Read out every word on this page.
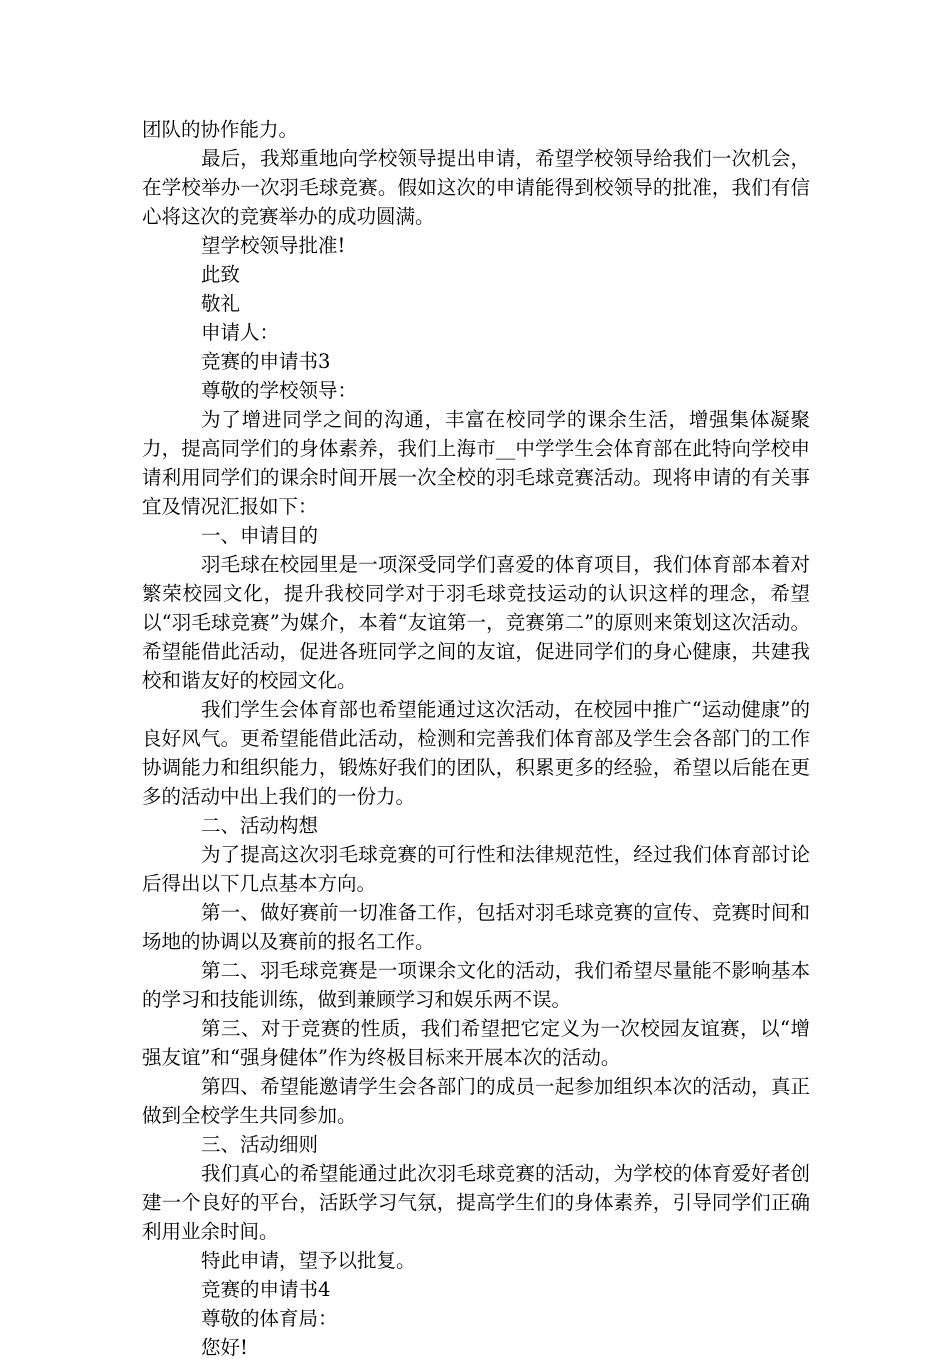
团队的协作能力。

最后，我郑重地向学校领导提出申请，希望学校领导给我们一次机会，在学校举办一次羽毛球竞赛。假如这次的申请能得到校领导的批准，我们有信心将这次的竞赛举办的成功圆满。

望学校领导批准!

此致

敬礼

申请人：

竞赛的申请书3

尊敬的学校领导：

为了增进同学之间的沟通，丰富在校同学的课余生活，增强集体凝聚力，提高同学们的身体素养，我们上海市__中学学生会体育部在此特向学校申请利用同学们的课余时间开展一次全校的羽毛球竞赛活动。现将申请的有关事宜及情况汇报如下：

一、申请目的

羽毛球在校园里是一项深受同学们喜爱的体育项目，我们体育部本着对繁荣校园文化，提升我校同学对于羽毛球竞技运动的认识这样的理念，希望以“羽毛球竞赛”为媒介，本着“友谊第一，竞赛第二”的原则来策划这次活动。希望能借此活动，促进各班同学之间的友谊，促进同学们的身心健康，共建我校和谐友好的校园文化。

我们学生会体育部也希望能通过这次活动，在校园中推广“运动健康”的良好风气。更希望能借此活动，检测和完善我们体育部及学生会各部门的工作协调能力和组织能力，锻炼好我们的团队，积累更多的经验，希望以后能在更多的活动中出上我们的一份力。

二、活动构想

为了提高这次羽毛球竞赛的可行性和法律规范性，经过我们体育部讨论后得出以下几点基本方向。

第一、做好赛前一切准备工作，包括对羽毛球竞赛的宣传、竞赛时间和场地的协调以及赛前的报名工作。

第二、羽毛球竞赛是一项课余文化的活动，我们希望尽量能不影响基本的学习和技能训练，做到兼顾学习和娱乐两不误。

第三、对于竞赛的性质，我们希望把它定义为一次校园友谊赛，以“增强友谊”和“强身健体”作为终极目标来开展本次的活动。

第四、希望能邀请学生会各部门的成员一起参加组织本次的活动，真正做到全校学生共同参加。

三、活动细则

我们真心的希望能通过此次羽毛球竞赛的活动，为学校的体育爱好者创建一个良好的平台，活跃学习气氛，提高学生们的身体素养，引导同学们正确利用业余时间。

特此申请，望予以批复。

竞赛的申请书4

尊敬的体育局：

您好!
